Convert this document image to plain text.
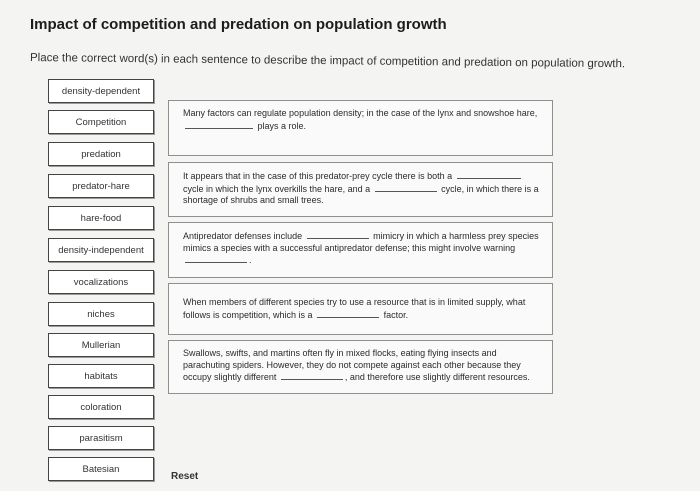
Impact of competition and predation on population growth
Place the correct word(s) in each sentence to describe the impact of competition and predation on population growth.
density-dependent
Competition
predation
predator-hare
hare-food
density-independent
vocalizations
niches
Mullerian
habitats
coloration
parasitism
Batesian
Many factors can regulate population density; in the case of the lynx and snowshoe hare,  plays a role.
It appears that in the case of this predator-prey cycle there is both a  cycle in which the lynx overkills the hare, and a	cycle, in which there is a shortage of shrubs and small trees.
Antipredator defenses include	mimicry in which a harmless prey species mimics a species with a successful antipredator defense; this might involve warning .
When members of different species try to use a resource that is in limited supply, what follows is competition, which is a	factor.
Swallows, swifts, and martins often fly in mixed flocks, eating flying insects and parachuting spiders. However, they do not compete against each other because they occupy slightly different	, and therefore use slightly different resources.
Reset
